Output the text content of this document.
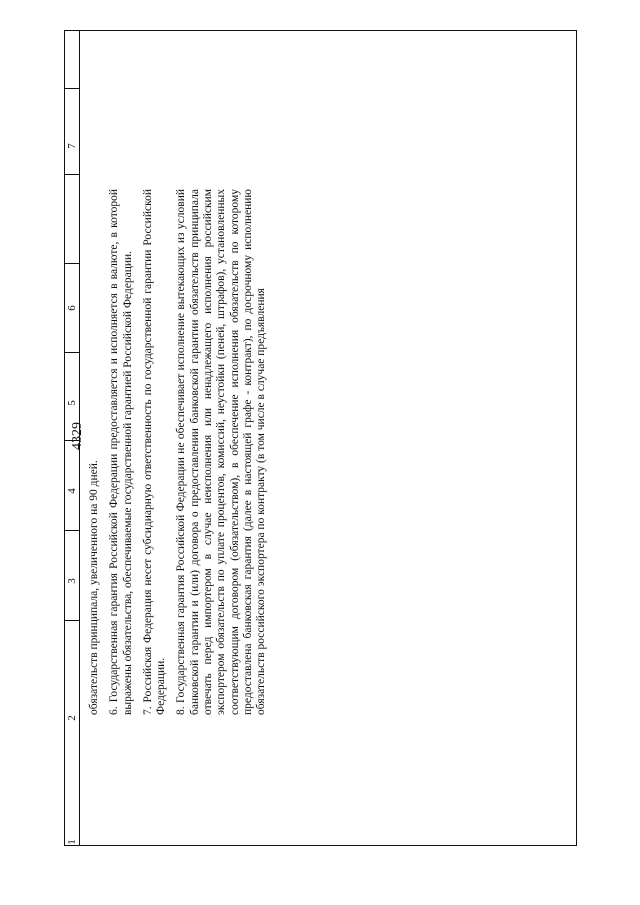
4329
7
6
5
4
3
2
1

обязательств принципала, увеличенного на 90 дней. 6. Государственная гарантия Российской Федерации предоставляется и исполняется в валюте, в которой выражены обязательства, обеспечиваемые государственной гарантией Российской Федерации. 7. Российская Федерация несет субсидиарную ответственность по государственной гарантии Российской Федерации. 8. Государственная гарантия Российской Федерации не обеспечивает исполнение вытекающих из условий банковской гарантии и (или) договора о предоставлении банковской гарантии обязательств принципала отвечать перед импортером в случае неисполнения или ненадлежащего исполнения российским экспортером обязательств по уплате процентов, комиссий, неустойки (пеней, штрафов), установленных соответствующим договором (обязательством), в обеспечение исполнения обязательств по которому предоставлена банковская гарантия (далее в настоящей графе - контракт), по досрочному исполнению обязательств российского экспортера по контракту (в том числе в случае предъявления
